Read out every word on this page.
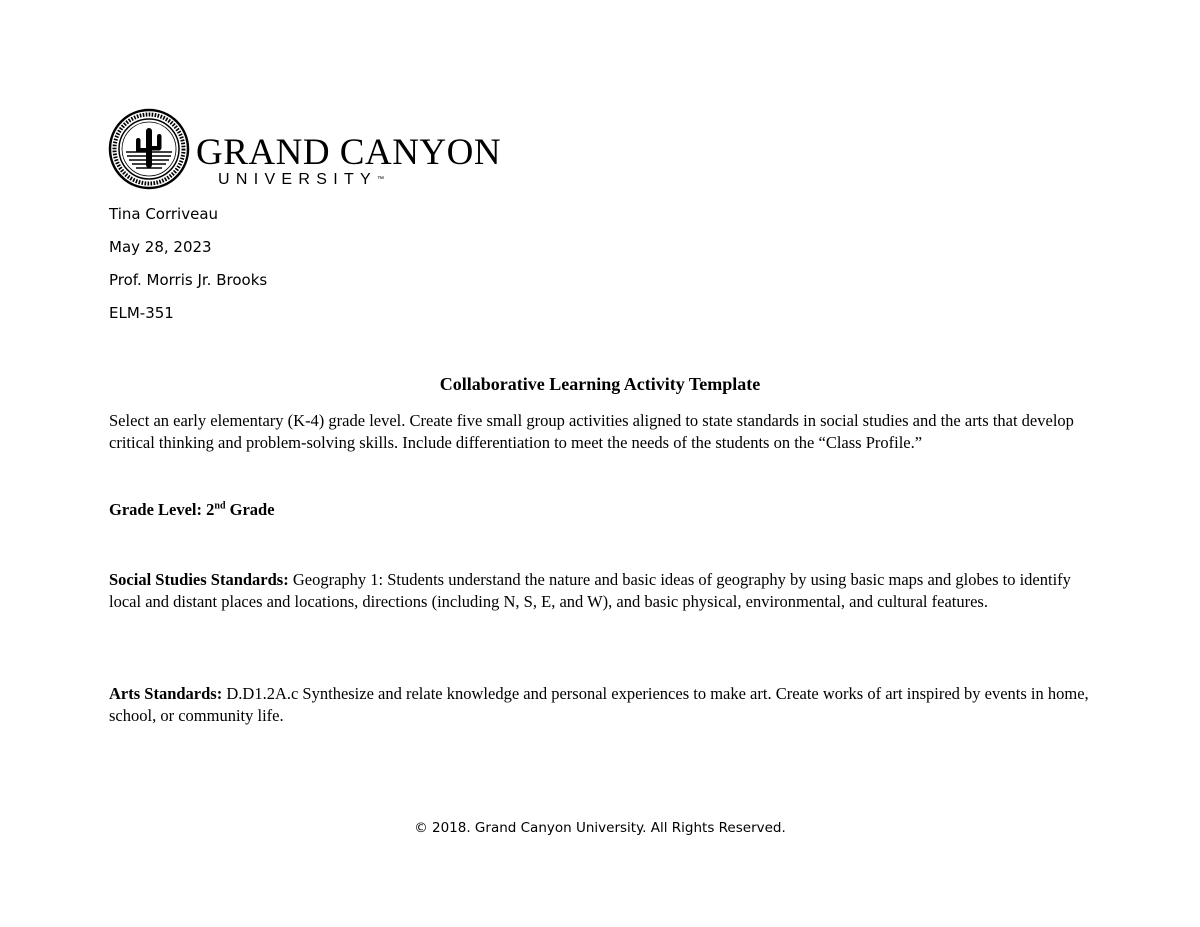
GRAND CANYON
UNIVERSITY™
Tina Corriveau
May 28, 2023
Prof. Morris Jr. Brooks
ELM-351
Collaborative Learning Activity Template
Select an early elementary (K-4) grade level. Create five small group activities aligned to state standards in social studies and the arts that develop critical thinking and problem-solving skills. Include differentiation to meet the needs of the students on the “Class Profile.”
Grade Level: 2nd Grade
Social Studies Standards: Geography 1: Students understand the nature and basic ideas of geography by using basic maps and globes to identify local and distant places and locations, directions (including N, S, E, and W), and basic physical, environmental, and cultural features.
Arts Standards: D.D1.2A.c Synthesize and relate knowledge and personal experiences to make art. Create works of art inspired by events in home, school, or community life.
© 2018. Grand Canyon University. All Rights Reserved.
